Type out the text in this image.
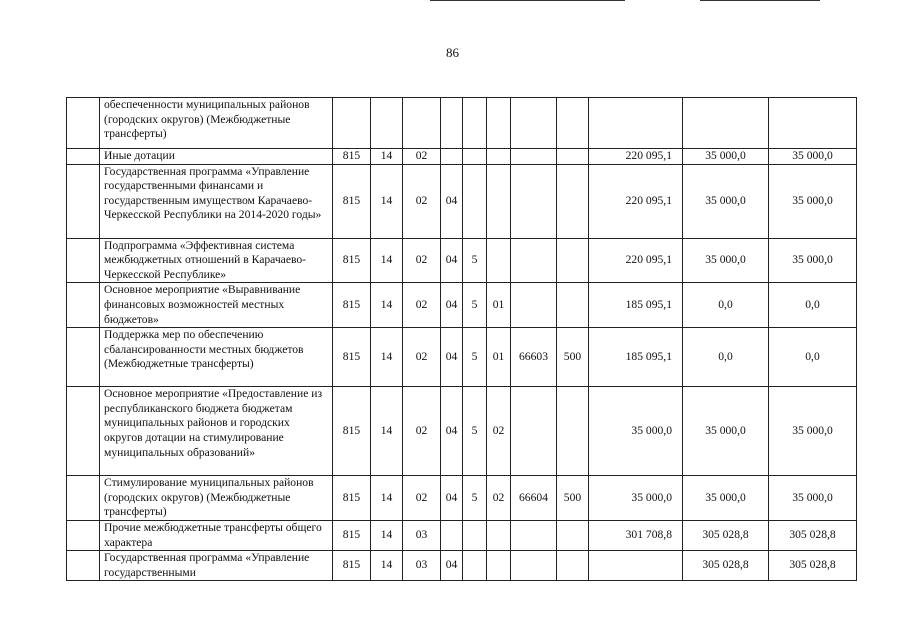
86
	обеспеченности муниципальных районов (городских округов) (Межбюджетные трансферты)											
	Иные дотации	815	14	02						220 095,1	35 000,0	35 000,0
	Государственная программа «Управление государственными финансами и государственным имуществом Карачаево-Черкесской Республики на 2014-2020 годы»	815	14	02	04					220 095,1	35 000,0	35 000,0
	Подпрограмма «Эффективная система межбюджетных отношений в Карачаево-Черкесской Республике»	815	14	02	04	5				220 095,1	35 000,0	35 000,0
	Основное мероприятие «Выравнивание финансовых возможностей местных бюджетов»	815	14	02	04	5	01			185 095,1	0,0	0,0
	Поддержка мер по обеспечению сбалансированности местных бюджетов (Межбюджетные трансферты)	815	14	02	04	5	01	66603	500	185 095,1	0,0	0,0
	Основное мероприятие «Предоставление из республиканского бюджета бюджетам муниципальных районов и городских округов дотации на стимулирование муниципальных образований»	815	14	02	04	5	02			35 000,0	35 000,0	35 000,0
	Стимулирование муниципальных районов (городских округов) (Межбюджетные трансферты)	815	14	02	04	5	02	66604	500	35 000,0	35 000,0	35 000,0
	Прочие межбюджетные трансферты общего характера	815	14	03						301 708,8	305 028,8	305 028,8
	Государственная программа «Управление государственными	815	14	03	04						305 028,8	305 028,8
